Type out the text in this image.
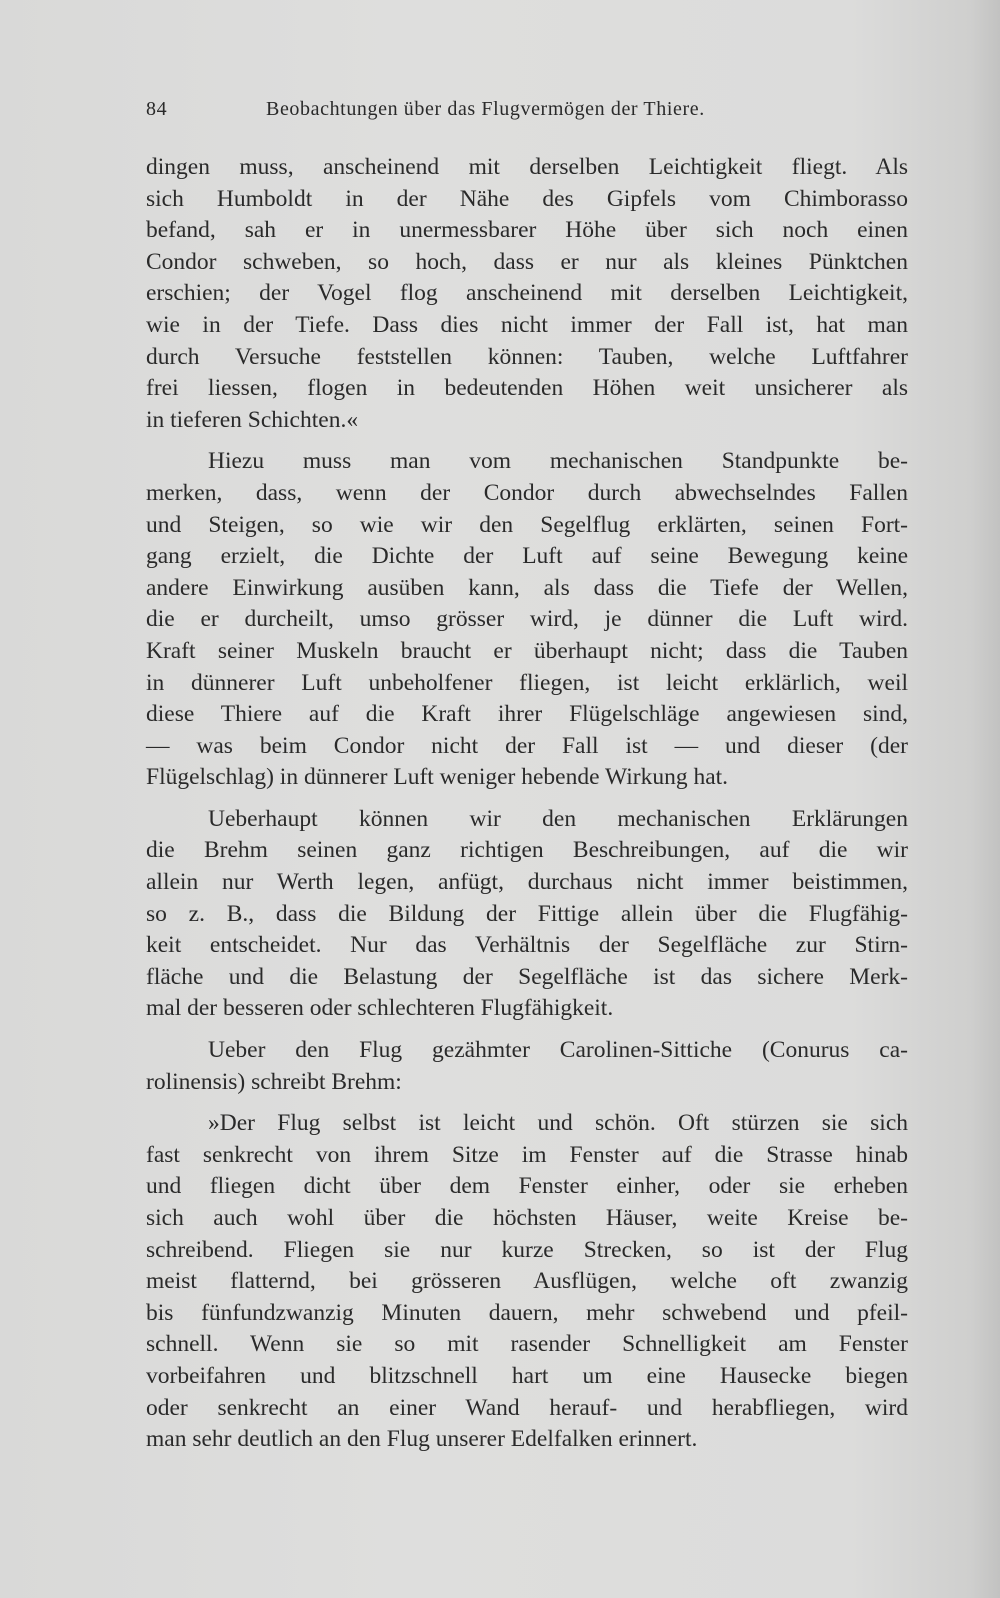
84	Beobachtungen über das Flugvermögen der Thiere.
dingen muss, anscheinend mit derselben Leichtigkeit fliegt. Als
sich Humboldt in der Nähe des Gipfels vom Chimborasso
befand, sah er in unermessbarer Höhe über sich noch einen
Condor schweben, so hoch, dass er nur als kleines Pünktchen
erschien; der Vogel flog anscheinend mit derselben Leichtigkeit,
wie in der Tiefe. Dass dies nicht immer der Fall ist, hat man
durch Versuche feststellen können: Tauben, welche Luftfahrer
frei liessen, flogen in bedeutenden Höhen weit unsicherer als
in tieferen Schichten.«
Hiezu muss man vom mechanischen Standpunkte be-
merken, dass, wenn der Condor durch abwechselndes Fallen
und Steigen, so wie wir den Segelflug erklärten, seinen Fort-
gang erzielt, die Dichte der Luft auf seine Bewegung keine
andere Einwirkung ausüben kann, als dass die Tiefe der Wellen,
die er durcheilt, umso grösser wird, je dünner die Luft wird.
Kraft seiner Muskeln braucht er überhaupt nicht; dass die Tauben
in dünnerer Luft unbeholfener fliegen, ist leicht erklärlich, weil
diese Thiere auf die Kraft ihrer Flügelschläge angewiesen sind,
— was beim Condor nicht der Fall ist — und dieser (der
Flügelschlag) in dünnerer Luft weniger hebende Wirkung hat.
Ueberhaupt können wir den mechanischen Erklärungen
die Brehm seinen ganz richtigen Beschreibungen, auf die wir
allein nur Werth legen, anfügt, durchaus nicht immer beistimmen,
so z. B., dass die Bildung der Fittige allein über die Flugfähig-
keit entscheidet. Nur das Verhältnis der Segelfläche zur Stirn-
fläche und die Belastung der Segelfläche ist das sichere Merk-
mal der besseren oder schlechteren Flugfähigkeit.
Ueber den Flug gezähmter Carolinen-Sittiche (Conurus ca-
rolinensis) schreibt Brehm:
»Der Flug selbst ist leicht und schön. Oft stürzen sie sich
fast senkrecht von ihrem Sitze im Fenster auf die Strasse hinab
und fliegen dicht über dem Fenster einher, oder sie erheben
sich auch wohl über die höchsten Häuser, weite Kreise be-
schreibend. Fliegen sie nur kurze Strecken, so ist der Flug
meist flatternd, bei grösseren Ausflügen, welche oft zwanzig
bis fünfundzwanzig Minuten dauern, mehr schwebend und pfeil-
schnell. Wenn sie so mit rasender Schnelligkeit am Fenster
vorbeifahren und blitzschnell hart um eine Hausecke biegen
oder senkrecht an einer Wand herauf- und herabfliegen, wird
man sehr deutlich an den Flug unserer Edelfalken erinnert.
